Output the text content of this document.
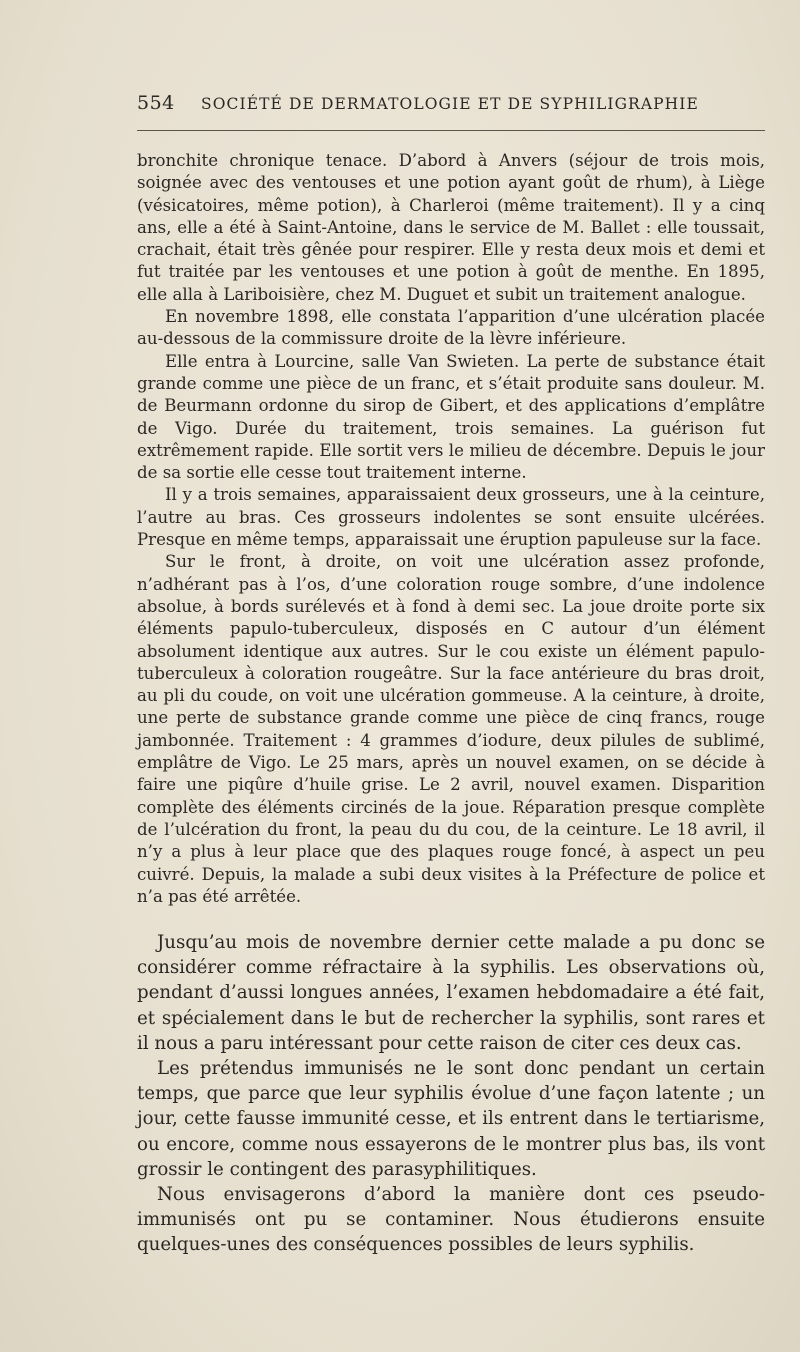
554 SOCIÉTÉ DE DERMATOLOGIE ET DE SYPHILIGRAPHIE

bronchite chronique tenace. D’abord à Anvers (séjour de trois mois, soignée avec des ventouses et une potion ayant goût de rhum), à Liège (vésicatoires, même potion), à Charleroi (même traitement). Il y a cinq ans, elle a été à Saint-Antoine, dans le service de M. Ballet : elle toussait, crachait, était très gênée pour respirer. Elle y resta deux mois et demi et fut traitée par les ventouses et une potion à goût de menthe. En 1895, elle alla à Lariboisière, chez M. Duguet et subit un traitement analogue.

En novembre 1898, elle constata l’apparition d’une ulcération placée au-dessous de la commissure droite de la lèvre inférieure.

Elle entra à Lourcine, salle Van Swieten. La perte de substance était grande comme une pièce de un franc, et s’était produite sans douleur. M. de Beurmann ordonne du sirop de Gibert, et des applications d’emplâtre de Vigo. Durée du traitement, trois semaines. La guérison fut extrêmement rapide. Elle sortit vers le milieu de décembre. Depuis le jour de sa sortie elle cesse tout traitement interne.

Il y a trois semaines, apparaissaient deux grosseurs, une à la ceinture, l’autre au bras. Ces grosseurs indolentes se sont ensuite ulcérées. Presque en même temps, apparaissait une éruption papuleuse sur la face.

Sur le front, à droite, on voit une ulcération assez profonde, n’adhérant pas à l’os, d’une coloration rouge sombre, d’une indolence absolue, à bords surélevés et à fond à demi sec. La joue droite porte six éléments papulo-tuberculeux, disposés en C autour d’un élément absolument identique aux autres. Sur le cou existe un élément papulo-tuberculeux à coloration rougeâtre. Sur la face antérieure du bras droit, au pli du coude, on voit une ulcération gommeuse. A la ceinture, à droite, une perte de substance grande comme une pièce de cinq francs, rouge jambonnée. Traitement : 4 grammes d’iodure, deux pilules de sublimé, emplâtre de Vigo. Le 25 mars, après un nouvel examen, on se décide à faire une piqûre d’huile grise. Le 2 avril, nouvel examen. Disparition complète des éléments circinés de la joue. Réparation presque complète de l’ulcération du front, la peau du du cou, de la ceinture. Le 18 avril, il n’y a plus à leur place que des plaques rouge foncé, à aspect un peu cuivré. Depuis, la malade a subi deux visites à la Préfecture de police et n’a pas été arrêtée.

Jusqu’au mois de novembre dernier cette malade a pu donc se considérer comme réfractaire à la syphilis. Les observations où, pendant d’aussi longues années, l’examen hebdomadaire a été fait, et spécialement dans le but de rechercher la syphilis, sont rares et il nous a paru intéressant pour cette raison de citer ces deux cas.

Les prétendus immunisés ne le sont donc pendant un certain temps, que parce que leur syphilis évolue d’une façon latente ; un jour, cette fausse immunité cesse, et ils entrent dans le tertiarisme, ou encore, comme nous essayerons de le montrer plus bas, ils vont grossir le contingent des parasyphilitiques.

Nous envisagerons d’abord la manière dont ces pseudo-immunisés ont pu se contaminer. Nous étudierons ensuite quelques-unes des conséquences possibles de leurs syphilis.
